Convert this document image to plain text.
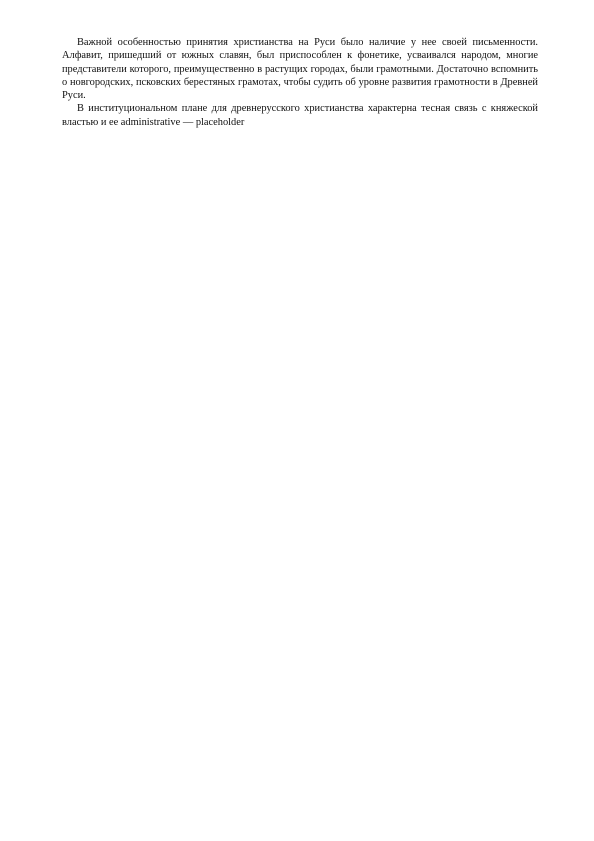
Важной особенностью принятия христианства на Руси было наличие у нее своей письменности. Алфавит, пришедший от южных славян, был приспособлен к фонетике, усваивался народом, многие представители которого, преимущественно в растущих городах, были грамотными. Достаточно вспомнить о новгородских, псковских берестяных грамотах, чтобы судить об уровне развития грамотности в Древней Руси.

В институциональном плане для древнерусского христианства характерна тесная связь с княжеской властью и ее administrative — placeholder
